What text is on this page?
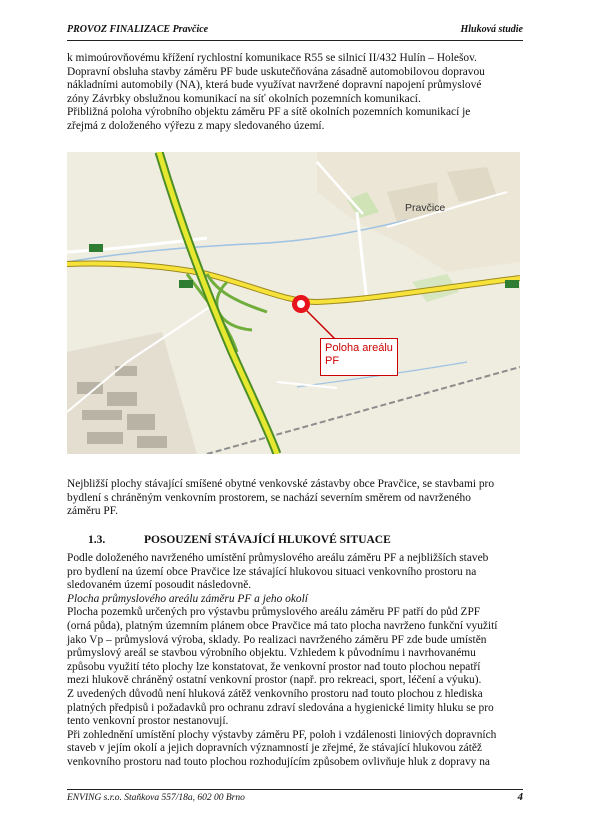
PROVOZ FINALIZACE Pravčice	Hluková studie

k mimoúrovňovému křížení rychlostní komunikace R55 se silnicí II/432 Hulín – Holešov.

Dopravní obsluha stavby záměru PF bude uskutečňována zásadně automobilovou dopravou

nákladními automobily (NA), která bude využívat navržené dopravní napojení průmyslové

zóny Závrbky obslužnou komunikací na síť okolních pozemních komunikací.

Přibližná poloha výrobního objektu záměru PF a sítě okolních pozemních komunikací je

zřejmá z doloženého výřezu z mapy sledovaného území.

Pravčice
Poloha areálu
PF

Nejbližší plochy stávající smíšené obytné venkovské zástavby obce Pravčice, se stavbami pro

bydlení s chráněným venkovním prostorem, se nachází severním směrem od navrženého

záměru PF.

1.3.	POSOUZENÍ STÁVAJÍCÍ HLUKOVÉ SITUACE

Podle doloženého navrženého umístění průmyslového areálu záměru PF a nejbližších staveb

pro bydlení na území obce Pravčice lze stávající hlukovou situaci venkovního prostoru na

sledovaném území posoudit následovně.

Plocha průmyslového areálu záměru PF a jeho okolí

Plocha pozemků určených pro výstavbu průmyslového areálu záměru PF patří do půd ZPF

(orná půda), platným územním plánem obce Pravčice má tato plocha navrženo funkční využití

jako Vp – průmyslová výroba, sklady. Po realizaci navrženého záměru PF zde bude umístěn

průmyslový areál se stavbou výrobního objektu. Vzhledem k původnímu i navrhovanému

způsobu využití této plochy lze konstatovat, že venkovní prostor nad touto plochou nepatří

mezi hlukově chráněný ostatní venkovní prostor (např. pro rekreaci, sport, léčení a výuku).

Z uvedených důvodů není hluková zátěž venkovního prostoru nad touto plochou z hlediska

platných předpisů i požadavků pro ochranu zdraví sledována a hygienické limity hluku se pro

tento venkovní prostor nestanovují.

Při zohlednění umístění plochy výstavby záměru PF, poloh i vzdálenosti liniových dopravních

staveb v jejím okolí a jejich dopravních významností je zřejmé, že stávající hlukovou zátěž

venkovního prostoru nad touto plochou rozhodujícím způsobem ovlivňuje hluk z dopravy na

ENVING s.r.o. Staňkova 557/18a, 602 00 Brno	4
